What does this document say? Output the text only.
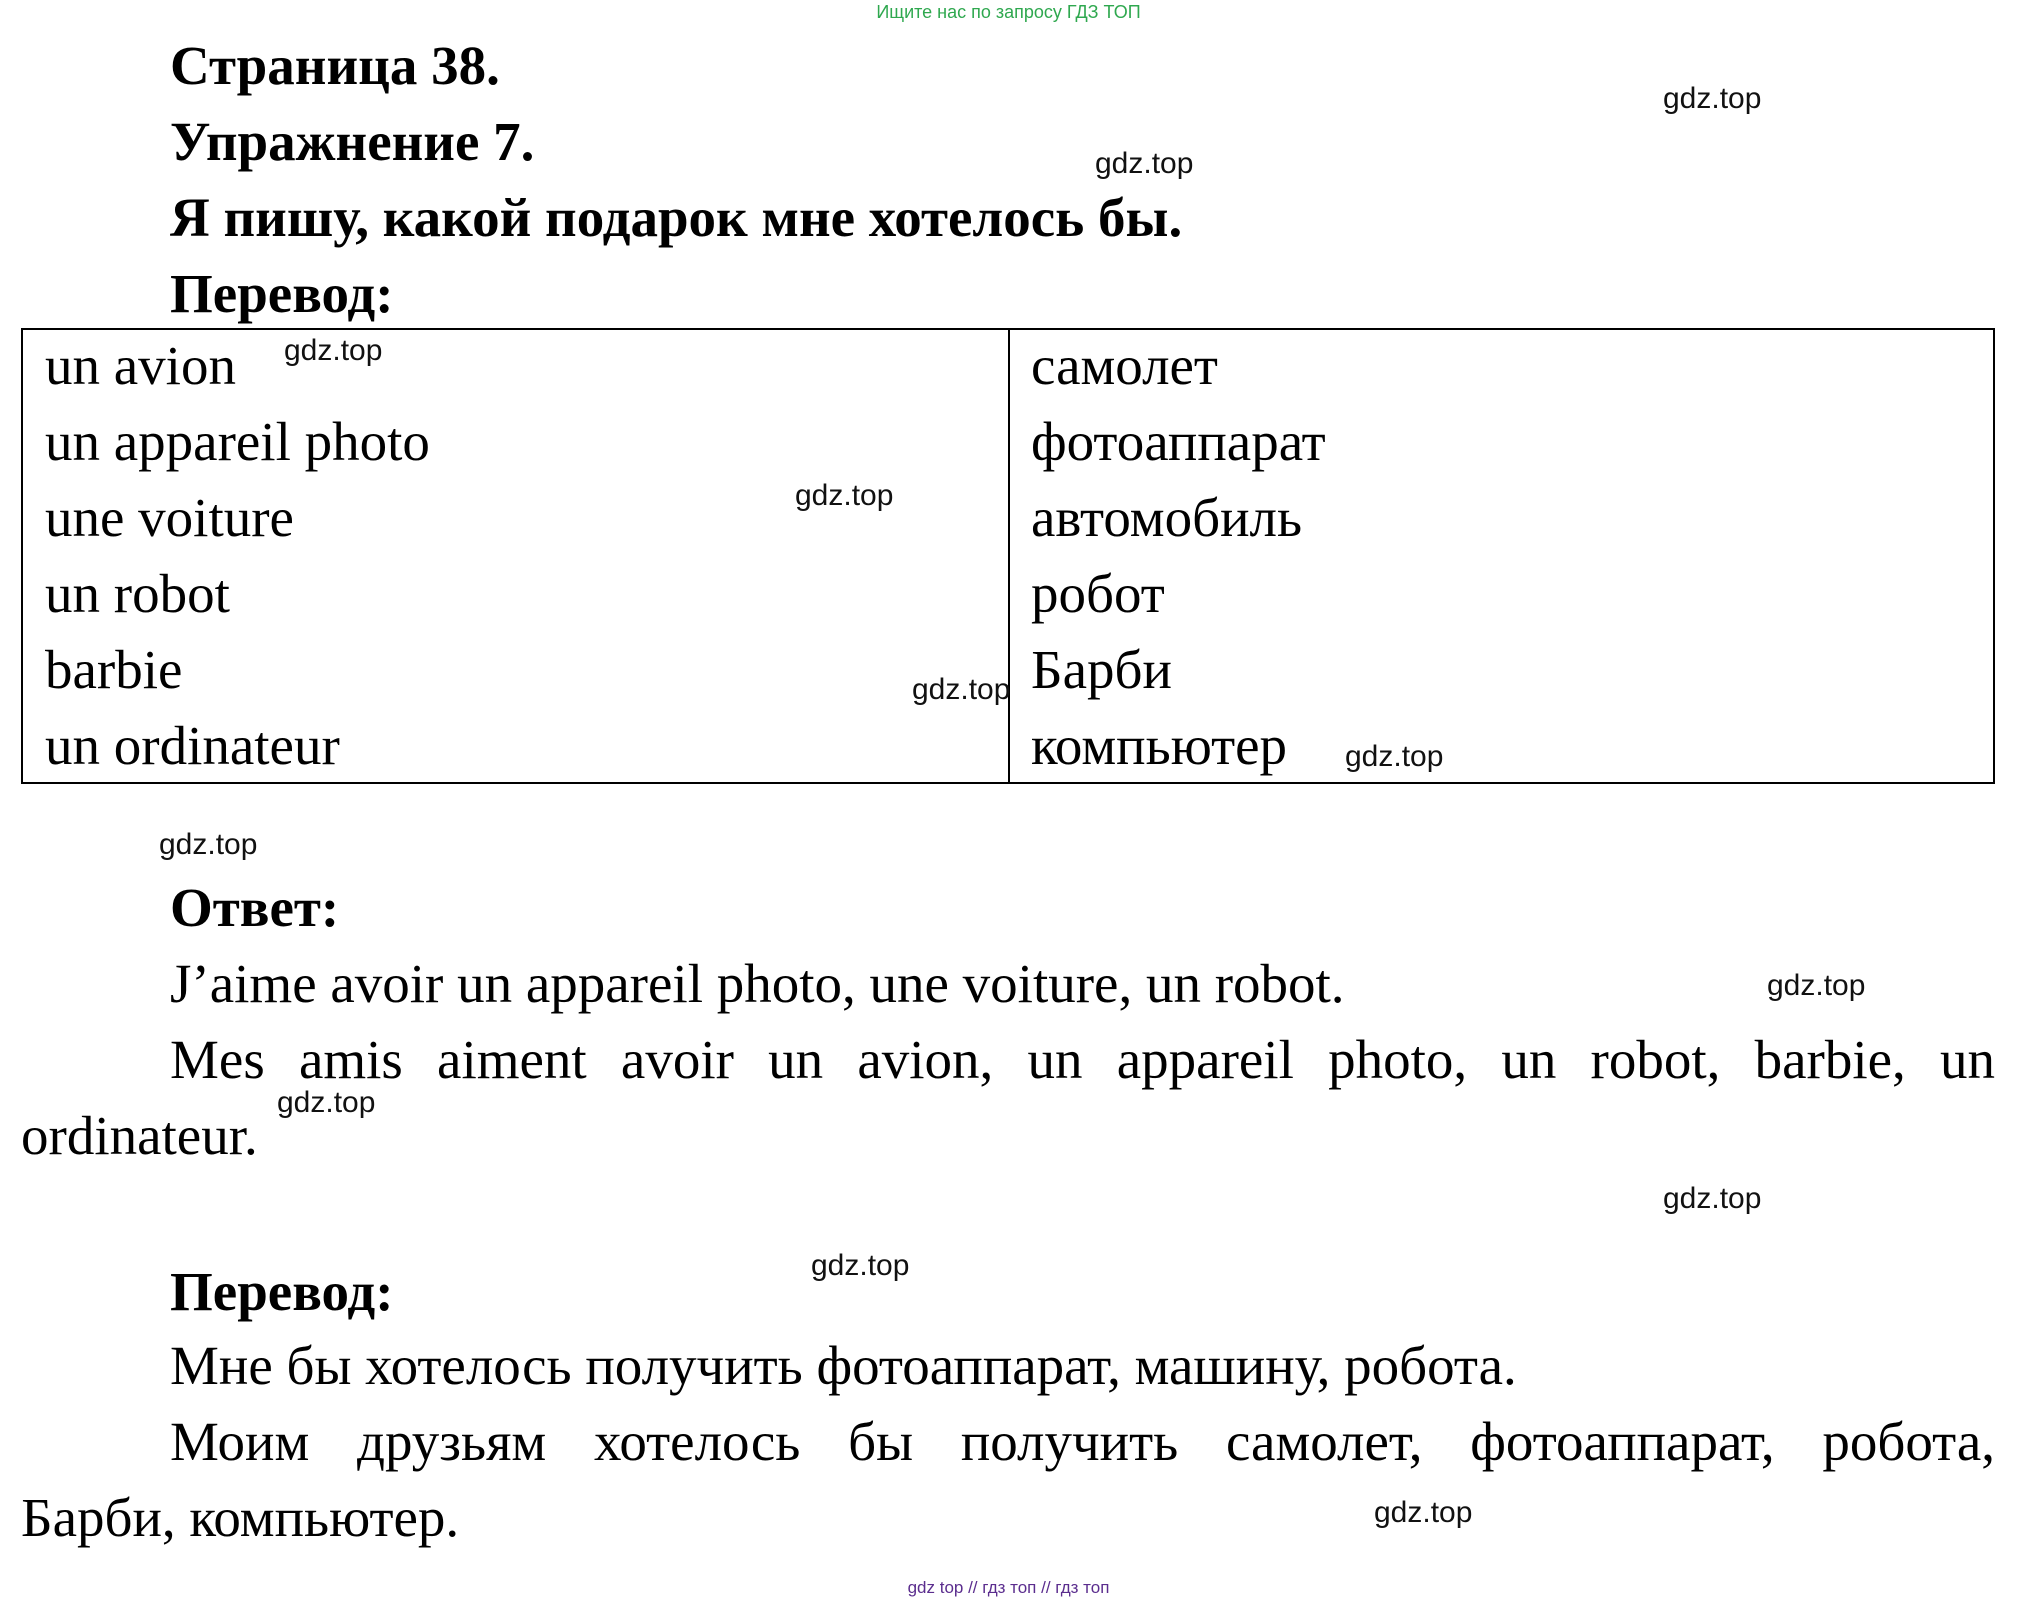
Ищите нас по запросу ГДЗ ТОП
Страница 38.
Упражнение 7.
Я пишу, какой подарок мне хотелось бы.
Перевод:
un avion	самолет
un appareil photo	фотоаппарат
une voiture	автомобиль
un robot	робот
barbie	Барби
un ordinateur	компьютер
Ответ:
J’aime avoir un appareil photo, une voiture, un robot.
Mes amis aiment avoir un avion, un appareil photo, un robot, barbie, un
ordinateur.
Перевод:
Мне бы хотелось получить фотоаппарат, машину, робота.
Моим друзьям хотелось бы получить самолет, фотоаппарат, робота,
Барби, компьютер.
gdz.top
gdz.top
gdz.top
gdz.top
gdz.top
gdz.top
gdz.top
gdz.top
gdz.top
gdz.top
gdz.top
gdz.top
gdz top // гдз топ // гдз топ
